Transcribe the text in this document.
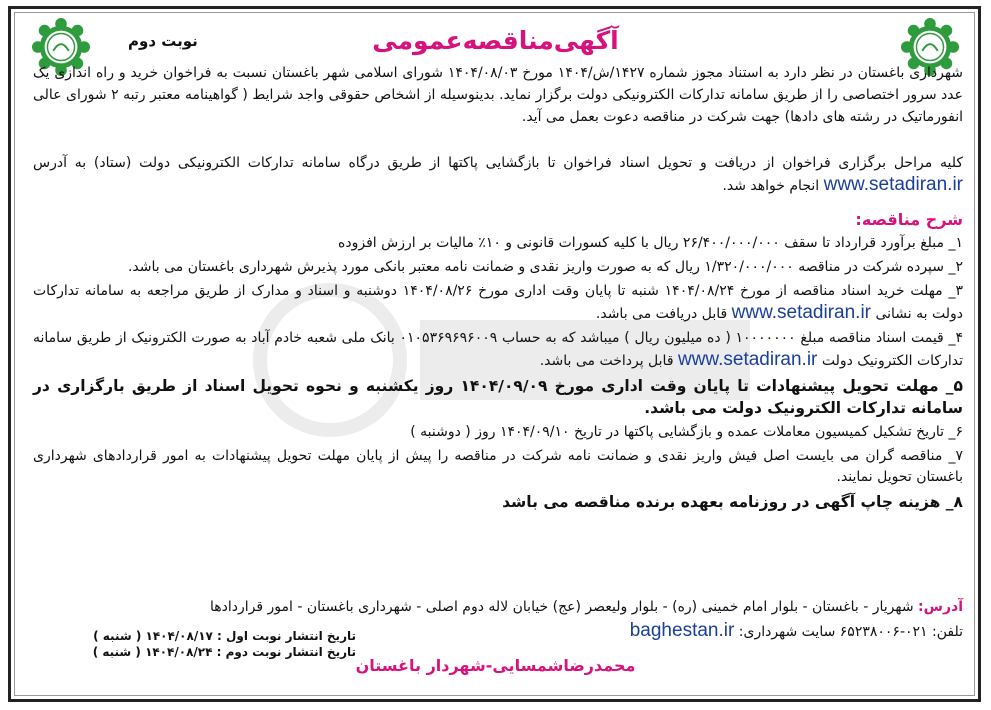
آگهی‌مناقصه‌عمومی
نوبت دوم

شهرداری باغستان در نظر دارد به استناد مجوز شماره ۱۴۲۷/ش/۱۴۰۴ مورخ ۱۴۰۴/۰۸/۰۳ شورای اسلامی شهر باغستان نسبت به فراخوان خرید و راه اندازی یک عدد سرور اختصاصی را از طریق سامانه تدارکات الکترونیکی دولت برگزار نماید. بدینوسیله از اشخاص حقوقی واجد شرایط ( گواهینامه معتبر رتبه ۲ شورای عالی انفورماتیک در رشته های دادها) جهت شرکت در مناقصه دعوت بعمل می آید.

کلیه مراحل برگزاری فراخوان از دریافت و تحویل اسناد فراخوان تا بازگشایی پاکتها از طریق درگاه سامانه تدارکات الکترونیکی دولت (ستاد) به آدرس www.setadiran.ir انجام خواهد شد.

شرح مناقصه:

۱_ مبلغ برآورد قرارداد تا سقف ۲۶/۴۰۰/۰۰۰/۰۰۰ ریال با کلیه کسورات قانونی و ۱۰٪ مالیات بر ارزش افزوده

۲_ سپرده شرکت در مناقصه ۱/۳۲۰/۰۰۰/۰۰۰ ریال که به صورت واریز نقدی و ضمانت نامه معتبر بانکی مورد پذیرش شهرداری باغستان می باشد.

۳_ مهلت خرید اسناد مناقصه از مورخ ۱۴۰۴/۰۸/۲۴ شنبه تا پایان وقت اداری مورخ ۱۴۰۴/۰۸/۲۶ دوشنبه و اسناد و مدارک از طریق مراجعه به سامانه تدارکات دولت به نشانی www.setadiran.ir قابل دریافت می باشد.

۴_ قیمت اسناد مناقصه مبلغ ۱۰۰۰۰۰۰۰ ( ده میلیون ریال ) میباشد که به حساب ۰۱۰۵۳۶۹۶۹۶۰۰۹ بانک ملی شعبه خادم آباد به صورت الکترونیک از طریق سامانه تدارکات الکترونیک دولت www.setadiran.ir قابل پرداخت می باشد.

۵_ مهلت تحویل پیشنهادات تا پایان وقت اداری مورخ ۱۴۰۴/۰۹/۰۹ روز یکشنبه و نحوه تحویل اسناد از طریق بارگزاری در سامانه تدارکات الکترونیک دولت می باشد.

۶_ تاریخ تشکیل کمیسیون معاملات عمده و بازگشایی پاکتها در تاریخ ۱۴۰۴/۰۹/۱۰ روز ( دوشنبه )

۷_ مناقصه گران می بایست اصل فیش واریز نقدی و ضمانت نامه شرکت در مناقصه را پیش از پایان مهلت تحویل پیشنهادات به امور قراردادهای شهرداری باغستان تحویل نمایند.

۸_ هزینه چاپ آگهی در روزنامه بعهده برنده مناقصه می باشد

آدرس: شهریار - باغستان - بلوار امام خمینی (ره) - بلوار ولیعصر (عج) خیابان لاله دوم اصلی - شهرداری باغستان - امور قراردادها
تلفن: ۰۲۱-۶۵۲۳۸۰۰۶ سایت شهرداری: baghestan.ir
تاریخ انتشار نوبت اول : ۱۴۰۴/۰۸/۱۷ ( شنبه )
تاریخ انتشار نوبت دوم : ۱۴۰۴/۰۸/۲۴ ( شنبه )
محمدرضاشمسایی-شهردار باغستان
